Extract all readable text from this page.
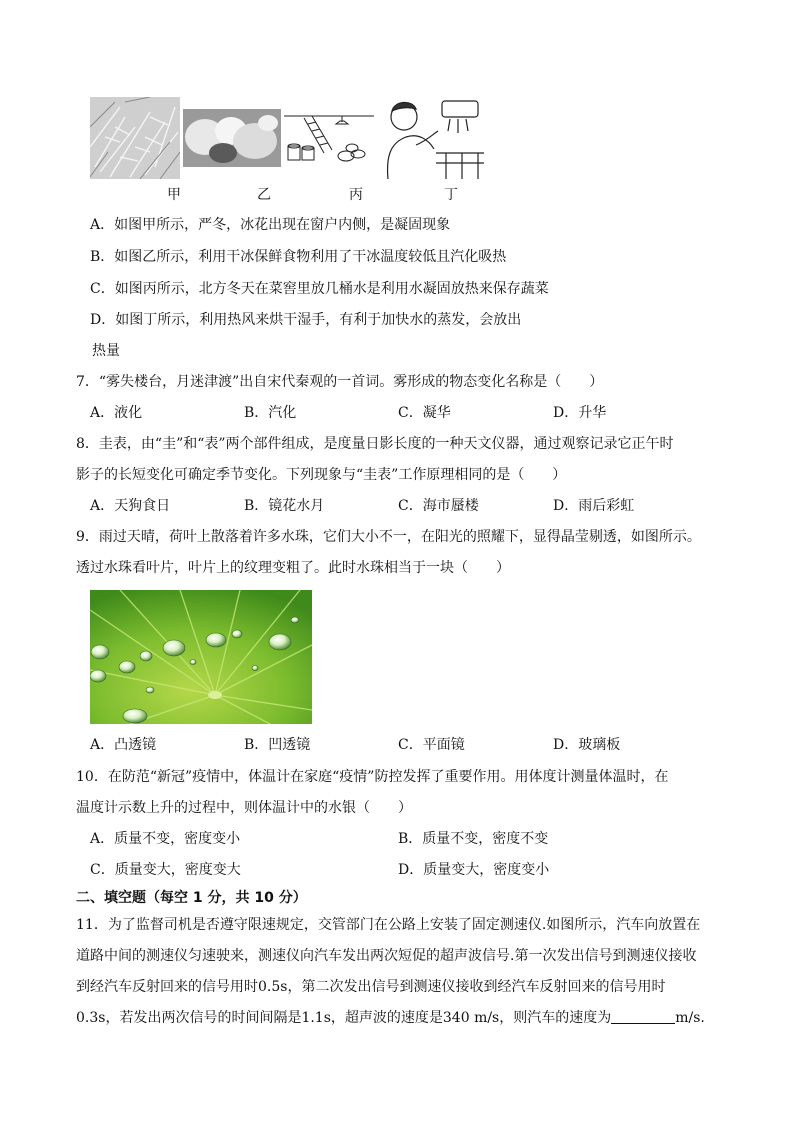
甲	乙	丙	丁
A．如图甲所示，严冬，冰花出现在窗户内侧，是凝固现象
B．如图乙所示，利用干冰保鲜食物利用了干冰温度较低且汽化吸热
C．如图丙所示，北方冬天在菜窖里放几桶水是利用水凝固放热来保存蔬菜
D．如图丁所示，利用热风来烘干湿手，有利于加快水的蒸发，会放出
热量
7．“雾失楼台，月迷津渡”出自宋代秦观的一首词。雾形成的物态变化名称是（　　）
A．液化	B．汽化	C．凝华	D．升华
8．圭表，由“圭”和“表”两个部件组成，是度量日影长度的一种天文仪器，通过观察记录它正午时
影子的长短变化可确定季节变化。下列现象与“圭表”工作原理相同的是（　　）
A．天狗食日	B．镜花水月	C．海市蜃楼	D．雨后彩虹
9．雨过天晴，荷叶上散落着许多水珠，它们大小不一，在阳光的照耀下，显得晶莹剔透，如图所示。
透过水珠看叶片，叶片上的纹理变粗了。此时水珠相当于一块（　　）
A．凸透镜	B．凹透镜	C．平面镜	D．玻璃板
10．在防范“新冠”疫情中，体温计在家庭“疫情”防控发挥了重要作用。用体度计测量体温时，在
温度计示数上升的过程中，则体温计中的水银（　　）
A．质量不变，密度变小	B．质量不变，密度不变
C．质量变大，密度变大	D．质量变大，密度变小
二、填空题（每空 1 分，共 10 分）
11．为了监督司机是否遵守限速规定，交管部门在公路上安装了固定测速仪.如图所示，汽车向放置在
道路中间的测速仪匀速驶来，测速仪向汽车发出两次短促的超声波信号.第一次发出信号到测速仪接收
到经汽车反射回来的信号用时0.5s，第二次发出信号到测速仪接收到经汽车反射回来的信号用时
0.3s，若发出两次信号的时间间隔是1.1s，超声波的速度是340 m/s，则汽车的速度为	m/s.
